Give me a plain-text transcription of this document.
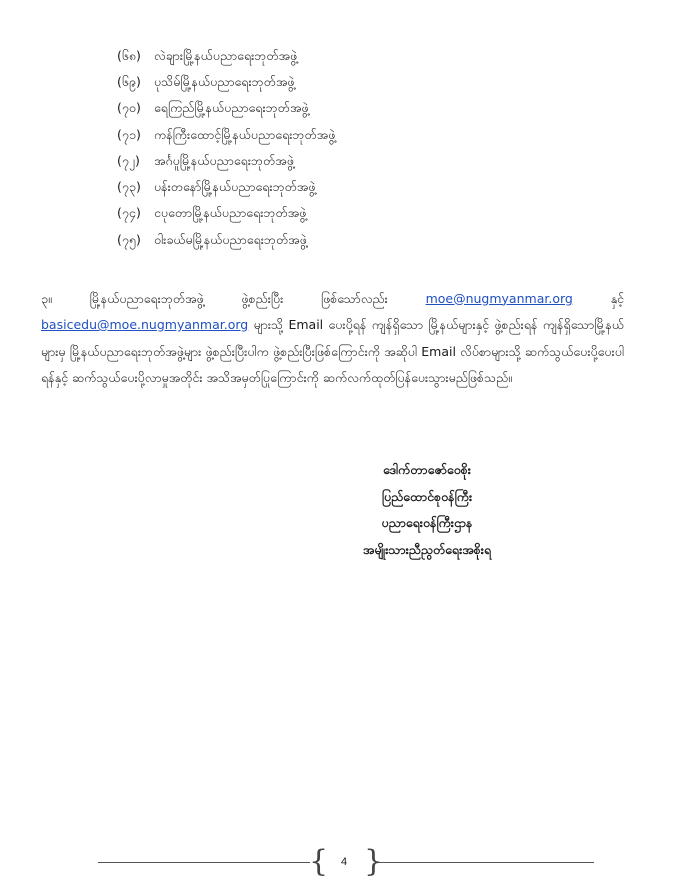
(၆၈)	လဲချားမြို့နယ်ပညာရေးဘုတ်အဖွဲ့
(၆၉)	ပုသိမ်မြို့နယ်ပညာရေးဘုတ်အဖွဲ့
(၇၀)	ရေကြည်မြို့နယ်ပညာရေးဘုတ်အဖွဲ့
(၇၁)	ကန်ကြီးထောင့်မြို့နယ်ပညာရေးဘုတ်အဖွဲ့
(၇၂)	အင်္ဂပူမြို့နယ်ပညာရေးဘုတ်အဖွဲ့
(၇၃)	ပန်းတနော်မြို့နယ်ပညာရေးဘုတ်အဖွဲ့
(၇၄)	ငပုတောမြို့နယ်ပညာရေးဘုတ်အဖွဲ့
(၇၅)	ဝါးခယ်မမြို့နယ်ပညာရေးဘုတ်အဖွဲ့

၃။	မြို့နယ်ပညာရေးဘုတ်အဖွဲ့ ဖွဲ့စည်းပြီး ဖြစ်သော်လည်း	moe@nugmyanmar.org	နှင့် basicedu@moe.nugmyanmar.org များသို့ Email ပေးပို့ရန် ကျန်ရှိသော မြို့နယ်များနှင့် ဖွဲ့စည်းရန် ကျန်ရှိသောမြို့နယ်များမှ မြို့နယ်ပညာရေးဘုတ်အဖွဲ့များ ဖွဲ့စည်းပြီးပါက ဖွဲ့စည်းပြီးဖြစ်ကြောင်းကို အဆိုပါ Email လိပ်စာများသို့ ဆက်သွယ်ပေးပို့ပေးပါရန်နှင့် ဆက်သွယ်ပေးပို့လာမှုအတိုင်း အသိအမှတ်ပြုကြောင်းကို ဆက်လက်ထုတ်ပြန်ပေးသွားမည်ဖြစ်သည်။

ဒေါက်တာဇော်ဝေစိုး
ပြည်ထောင်စုဝန်ကြီး
ပညာရေးဝန်ကြီးဌာန
အမျိုးသားညီညွတ်ရေးအစိုးရ
{	4 }
